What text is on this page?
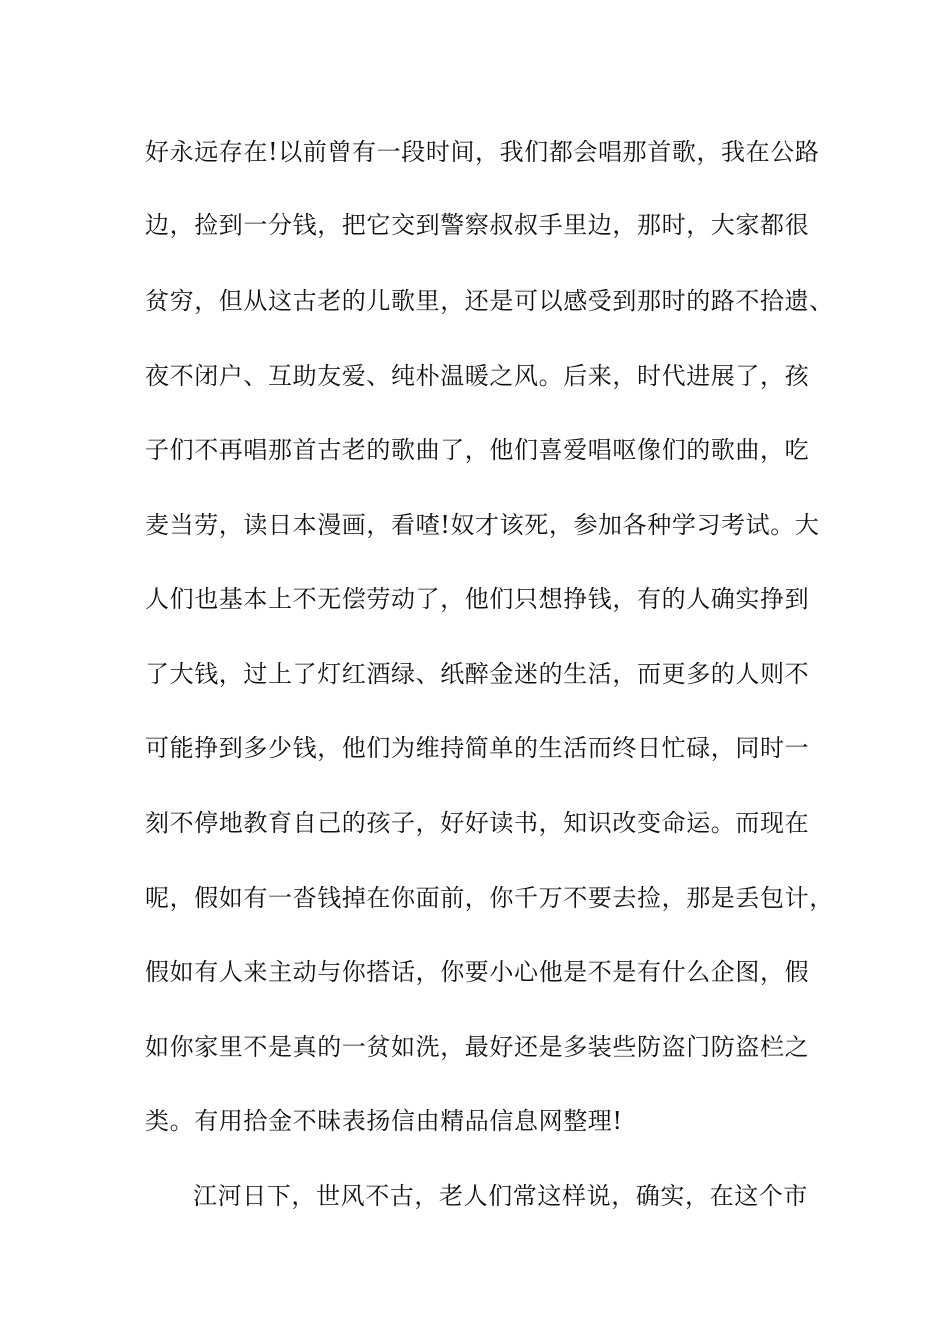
好永远存在!以前曾有一段时间，我们都会唱那首歌，我在公路
边，捡到一分钱，把它交到警察叔叔手里边，那时，大家都很
贫穷，但从这古老的儿歌里，还是可以感受到那时的路不拾遗、
夜不闭户、互助友爱、纯朴温暖之风。后来，时代进展了，孩
子们不再唱那首古老的歌曲了，他们喜爱唱呕像们的歌曲，吃
麦当劳，读日本漫画，看喳!奴才该死，参加各种学习考试。大
人们也基本上不无偿劳动了，他们只想挣钱，有的人确实挣到
了大钱，过上了灯红酒绿、纸醉金迷的生活，而更多的人则不
可能挣到多少钱，他们为维持简单的生活而终日忙碌，同时一
刻不停地教育自己的孩子，好好读书，知识改变命运。而现在
呢，假如有一沓钱掉在你面前，你千万不要去捡，那是丢包计，
假如有人来主动与你搭话，你要小心他是不是有什么企图，假
如你家里不是真的一贫如洗，最好还是多装些防盗门防盗栏之
类。有用拾金不昧表扬信由精品信息网整理!
江河日下，世风不古，老人们常这样说，确实，在这个市
